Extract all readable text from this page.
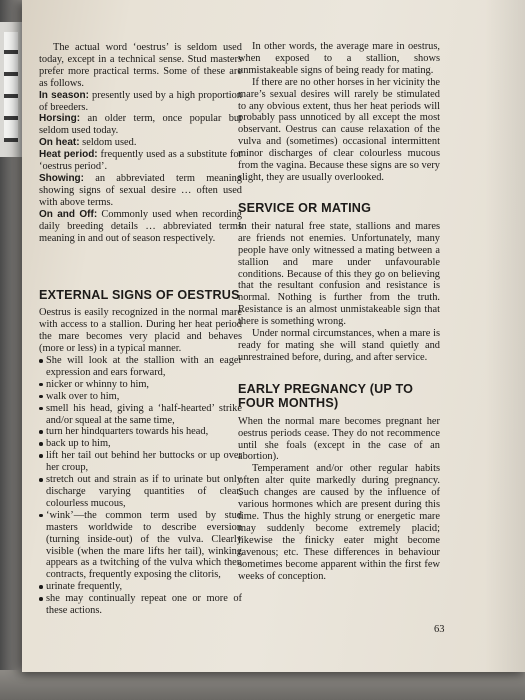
The actual word ‘oestrus’ is seldom used today, except in a technical sense. Stud masters prefer more practical terms. Some of these are as follows.

In season: presently used by a high proportion of breeders.
Horsing: an older term, once popular but seldom used today.
On heat: seldom used.
Heat period: frequently used as a substitute for ‘oestrus period’.
Showing: an abbreviated term meaning showing signs of sexual desire … often used with above terms.
On and Off: Commonly used when recording daily breeding details … abbreviated terms meaning in and out of season respectively.
EXTERNAL SIGNS OF OESTRUS

Oestrus is easily recognized in the normal mare with access to a stallion. During her heat period the mare becomes very placid and behaves (more or less) in a typical manner.

She will look at the stallion with an eager expression and ears forward,
nicker or whinny to him,
walk over to him,
smell his head, giving a ‘half-hearted’ strike and/or squeal at the same time,
turn her hindquarters towards his head,
back up to him,
lift her tail out behind her buttocks or up over her croup,
stretch out and strain as if to urinate but only discharge varying quantities of clear, colourless mucous,
‘wink’—the common term used by stud masters worldwide to describe eversion (turning inside-out) of the vulva. Clearly visible (when the mare lifts her tail), winking appears as a twitching of the vulva which then contracts, frequently exposing the clitoris,
urinate frequently,
she may continually repeat one or more of these actions.

In other words, the average mare in oestrus, when exposed to a stallion, shows unmistakeable signs of being ready for mating.

If there are no other horses in her vicinity the mare’s sexual desires will rarely be stimulated to any obvious extent, thus her heat periods will probably pass unnoticed by all except the most observant. Oestrus can cause relaxation of the vulva and (sometimes) occasional intermittent minor discharges of clear colourless mucous from the vagina. Because these signs are so very slight, they are usually overlooked.

SERVICE OR MATING

In their natural free state, stallions and mares are friends not enemies. Unfortunately, many people have only witnessed a mating between a stallion and mare under unfavourable conditions. Because of this they go on believing that the resultant confusion and resistance is normal. Nothing is further from the truth. Resistance is an almost unmistakeable sign that there is something wrong.

Under normal circumstances, when a mare is ready for mating she will stand quietly and unrestrained before, during, and after service.

EARLY PREGNANCY (UP TO FOUR MONTHS)

When the normal mare becomes pregnant her oestrus periods cease. They do not recommence until she foals (except in the case of an abortion).

Temperament and/or other regular habits often alter quite markedly during pregnancy. Such changes are caused by the influence of various hormones which are present during this time. Thus the highly strung or energetic mare may suddenly become extremely placid; likewise the finicky eater might become ravenous; etc. These differences in behaviour sometimes become apparent within the first few weeks of conception.

63
